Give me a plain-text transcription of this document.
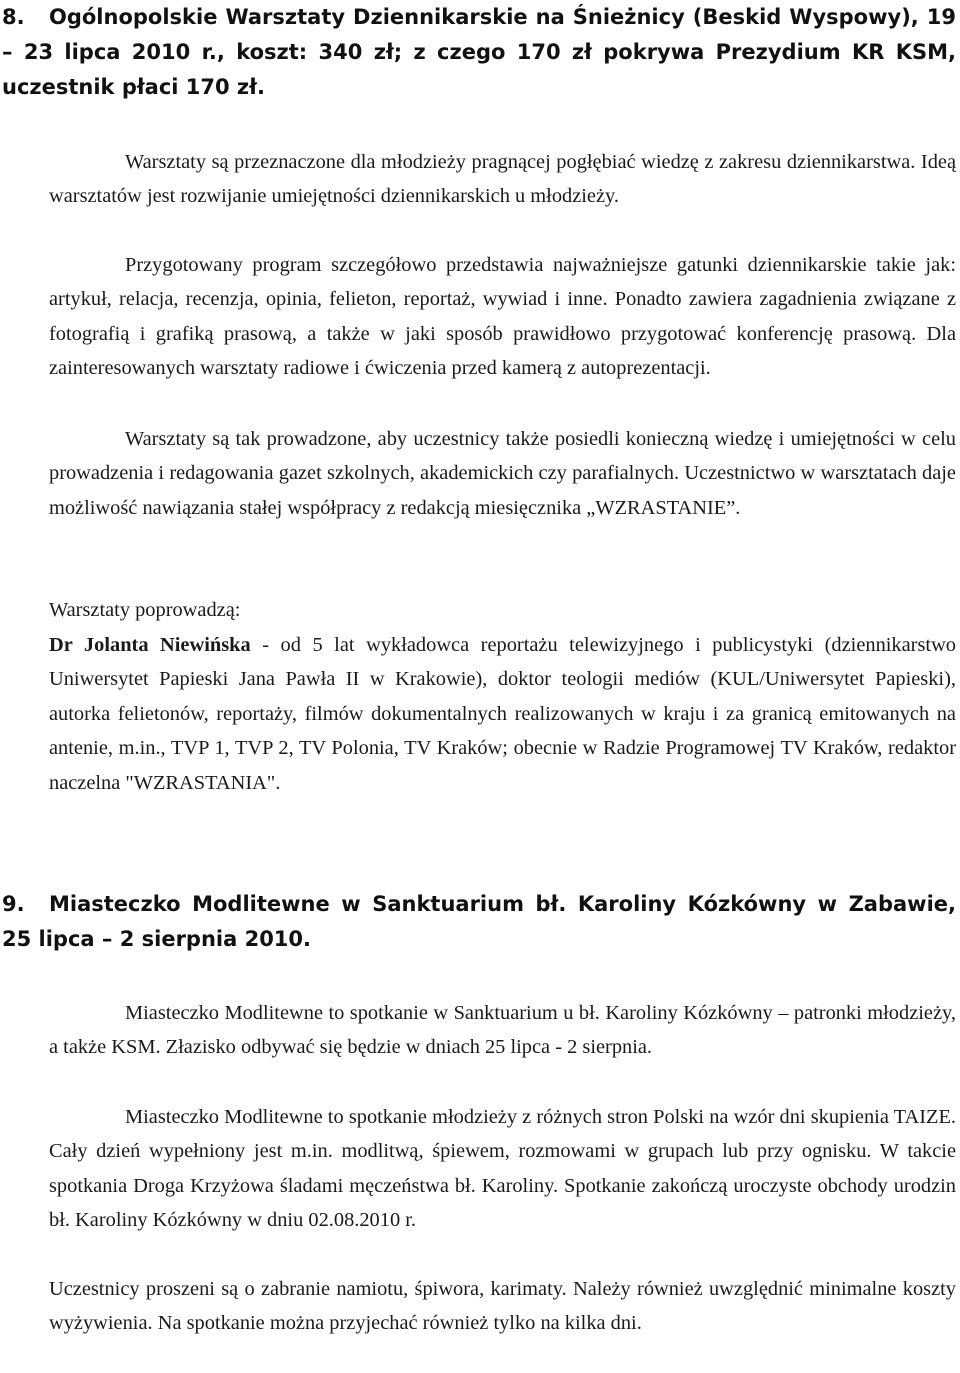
8. Ogólnopolskie Warsztaty Dziennikarskie na Śnieżnicy (Beskid Wyspowy), 19 – 23 lipca 2010 r., koszt: 340 zł; z czego 170 zł pokrywa Prezydium KR KSM, uczestnik płaci 170 zł.

Warsztaty są przeznaczone dla młodzieży pragnącej pogłębiać wiedzę z zakresu dziennikarstwa. Ideą warsztatów jest rozwijanie umiejętności dziennikarskich u młodzieży.

Przygotowany program szczegółowo przedstawia najważniejsze gatunki dziennikarskie takie jak: artykuł, relacja, recenzja, opinia, felieton, reportaż, wywiad i inne. Ponadto zawiera zagadnienia związane z fotografią i grafiką prasową, a także w jaki sposób prawidłowo przygotować konferencję prasową. Dla zainteresowanych warsztaty radiowe i ćwiczenia przed kamerą z autoprezentacji.

Warsztaty są tak prowadzone, aby uczestnicy także posiedli konieczną wiedzę i umiejętności w celu prowadzenia i redagowania gazet szkolnych, akademickich czy parafialnych. Uczestnictwo w warsztatach daje możliwość nawiązania stałej współpracy z redakcją miesięcznika „WZRASTANIE”.

Warsztaty poprowadzą:

Dr Jolanta Niewińska - od 5 lat wykładowca reportażu telewizyjnego i publicystyki (dziennikarstwo Uniwersytet Papieski Jana Pawła II w Krakowie), doktor teologii mediów (KUL/Uniwersytet Papieski), autorka felietonów, reportaży, filmów dokumentalnych realizowanych w kraju i za granicą emitowanych na antenie, m.in., TVP 1, TVP 2, TV Polonia, TV Kraków; obecnie w Radzie Programowej TV Kraków, redaktor naczelna "WZRASTANIA".

9. Miasteczko Modlitewne w Sanktuarium bł. Karoliny Kózkówny w Zabawie, 25 lipca – 2 sierpnia 2010.

Miasteczko Modlitewne to spotkanie w Sanktuarium u bł. Karoliny Kózkówny – patronki młodzieży, a także KSM. Złazisko odbywać się będzie w dniach 25 lipca - 2 sierpnia.

Miasteczko Modlitewne to spotkanie młodzieży z różnych stron Polski na wzór dni skupienia TAIZE. Cały dzień wypełniony jest m.in. modlitwą, śpiewem, rozmowami w grupach lub przy ognisku. W takcie spotkania Droga Krzyżowa śladami męczeństwa bł. Karoliny. Spotkanie zakończą uroczyste obchody urodzin bł. Karoliny Kózkówny w dniu 02.08.2010 r.

Uczestnicy proszeni są o zabranie namiotu, śpiwora, karimaty. Należy również uwzględnić minimalne koszty wyżywienia. Na spotkanie można przyjechać również tylko na kilka dni.
